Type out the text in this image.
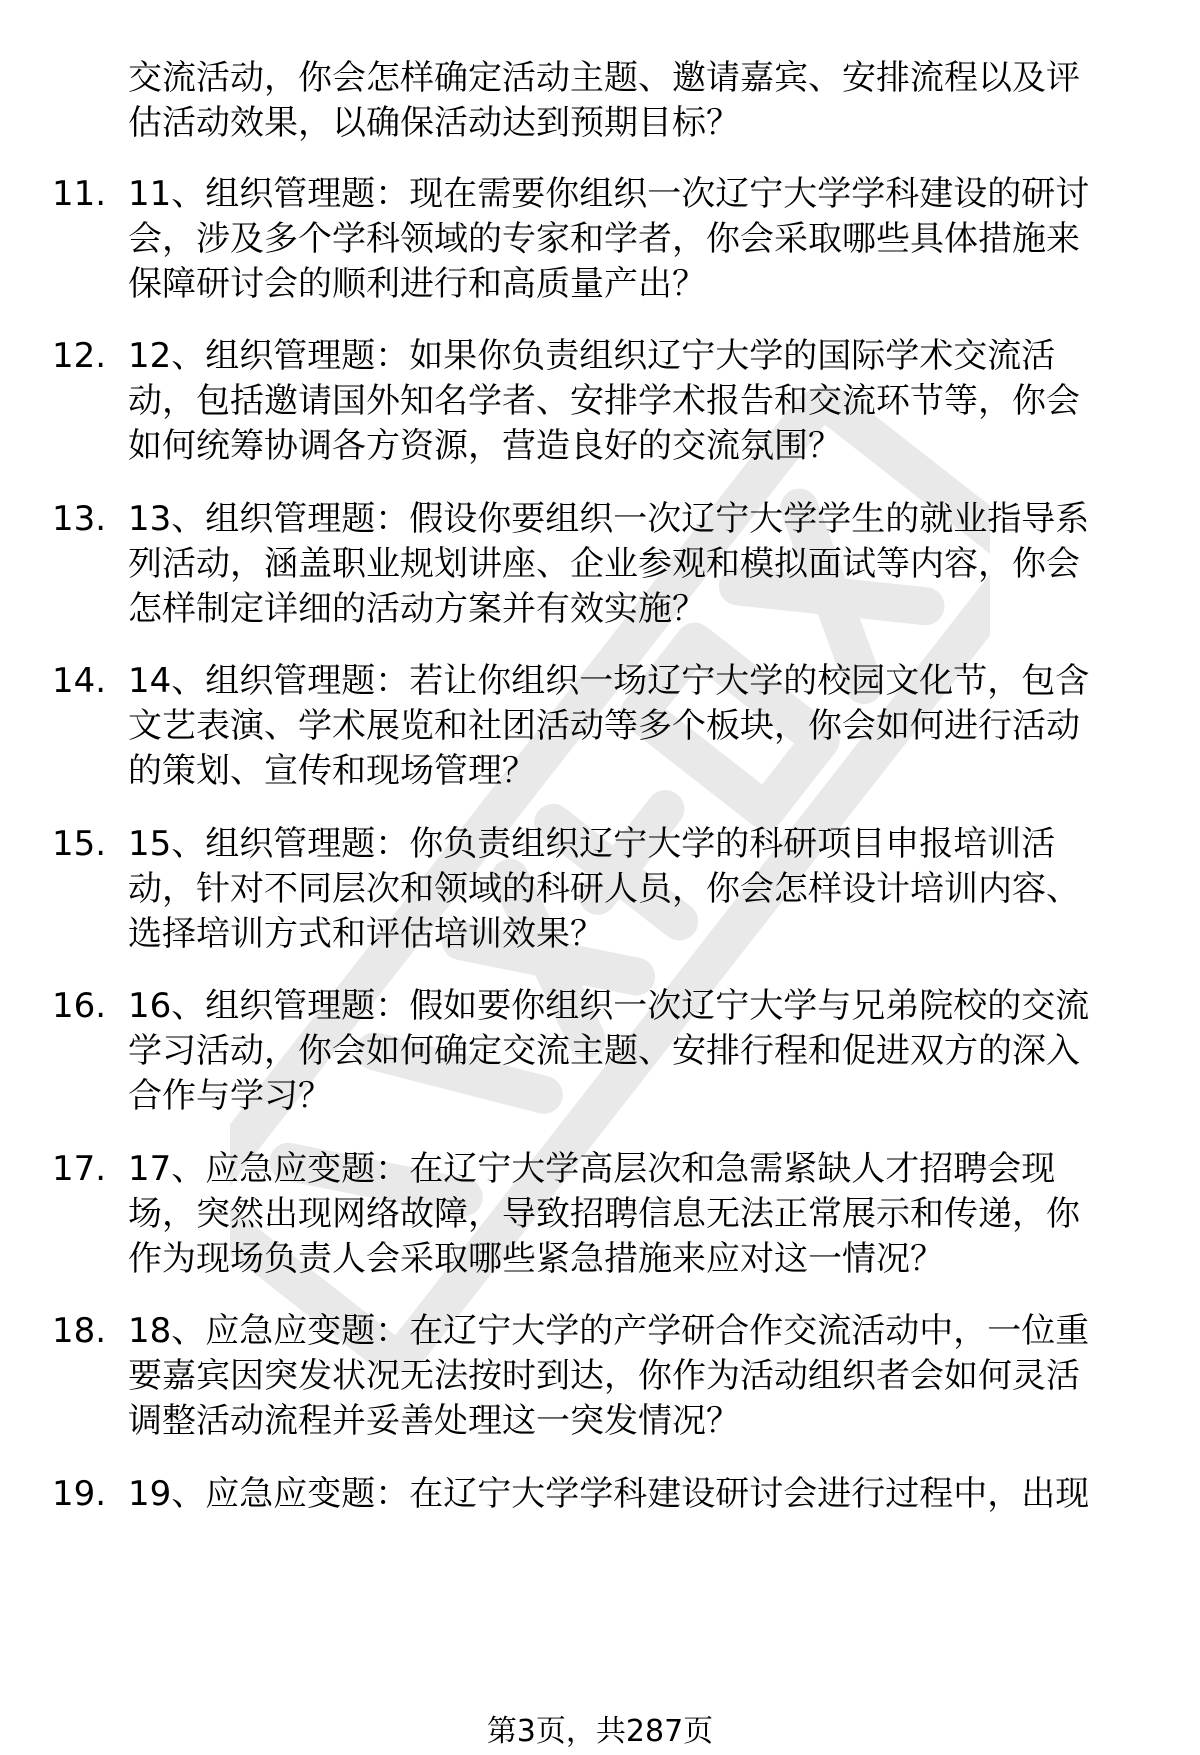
交流活动，你会怎样确定活动主题、邀请嘉宾、安排流程以及评
估活动效果，以确保活动达到预期目标？
11. 11、组织管理题：现在需要你组织一次辽宁大学学科建设的研讨
会，涉及多个学科领域的专家和学者，你会采取哪些具体措施来
保障研讨会的顺利进行和高质量产出？
12. 12、组织管理题：如果你负责组织辽宁大学的国际学术交流活
动，包括邀请国外知名学者、安排学术报告和交流环节等，你会
如何统筹协调各方资源，营造良好的交流氛围？
13. 13、组织管理题：假设你要组织一次辽宁大学学生的就业指导系
列活动，涵盖职业规划讲座、企业参观和模拟面试等内容，你会
怎样制定详细的活动方案并有效实施？
14. 14、组织管理题：若让你组织一场辽宁大学的校园文化节，包含
文艺表演、学术展览和社团活动等多个板块，你会如何进行活动
的策划、宣传和现场管理？
15. 15、组织管理题：你负责组织辽宁大学的科研项目申报培训活
动，针对不同层次和领域的科研人员，你会怎样设计培训内容、
选择培训方式和评估培训效果？
16. 16、组织管理题：假如要你组织一次辽宁大学与兄弟院校的交流
学习活动，你会如何确定交流主题、安排行程和促进双方的深入
合作与学习？
17. 17、应急应变题：在辽宁大学高层次和急需紧缺人才招聘会现
场，突然出现网络故障，导致招聘信息无法正常展示和传递，你
作为现场负责人会采取哪些紧急措施来应对这一情况？
18. 18、应急应变题：在辽宁大学的产学研合作交流活动中，一位重
要嘉宾因突发状况无法按时到达，你作为活动组织者会如何灵活
调整活动流程并妥善处理这一突发情况？
19. 19、应急应变题：在辽宁大学学科建设研讨会进行过程中，出现
第3页，共287页
